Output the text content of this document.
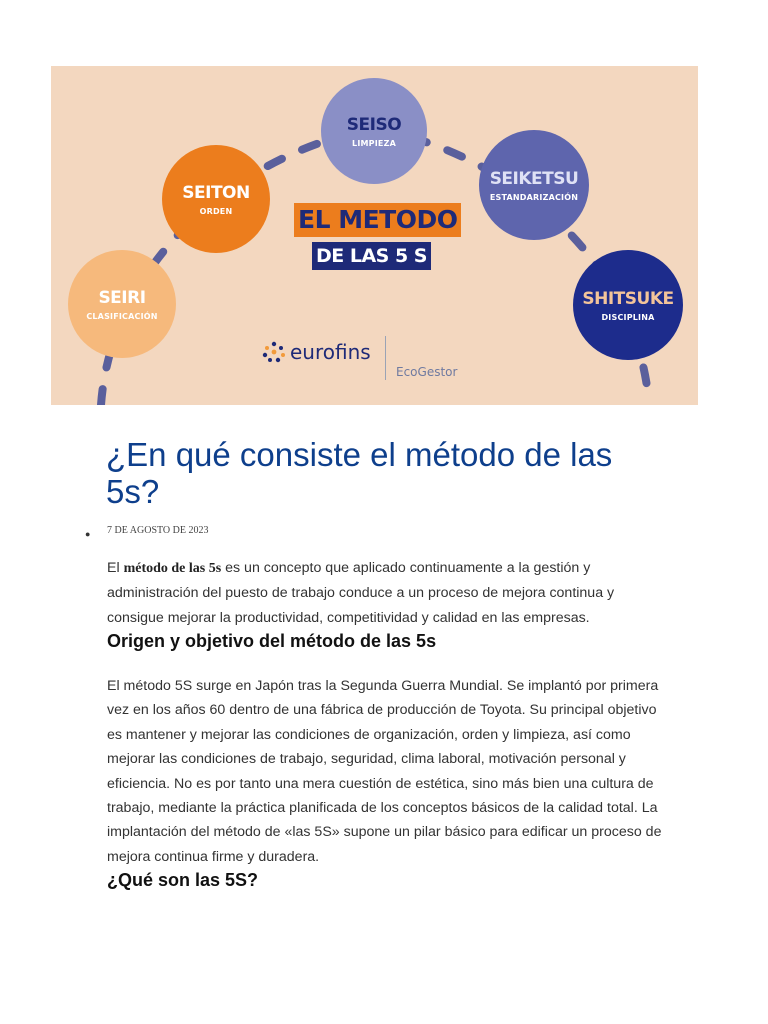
SEIRI
CLASIFICACIÓN
SEITON
ORDEN
SEISO
LIMPIEZA
SEIKETSU
ESTANDARIZACIÓN
SHITSUKE
DISCIPLINA
EL METODO
DE LAS 5 S
eurofins
EcoGestor
¿En qué consiste el método de las 5s?
● 7 DE AGOSTO DE 2023

El método de las 5s es un concepto que aplicado continuamente a la gestión y administración del puesto de trabajo conduce a un proceso de mejora continua y consigue mejorar la productividad, competitividad y calidad en las empresas.

Origen y objetivo del método de las 5s

El método 5S surge en Japón tras la Segunda Guerra Mundial. Se implantó por primera vez en los años 60 dentro de una fábrica de producción de Toyota. Su principal objetivo es mantener y mejorar las condiciones de organización, orden y limpieza, así como mejorar las condiciones de trabajo, seguridad, clima laboral, motivación personal y eficiencia. No es por tanto una mera cuestión de estética, sino más bien una cultura de trabajo, mediante la práctica planificada de los conceptos básicos de la calidad total. La implantación del método de «las 5S» supone un pilar básico para edificar un proceso de mejora continua firme y duradera.

¿Qué son las 5S?
